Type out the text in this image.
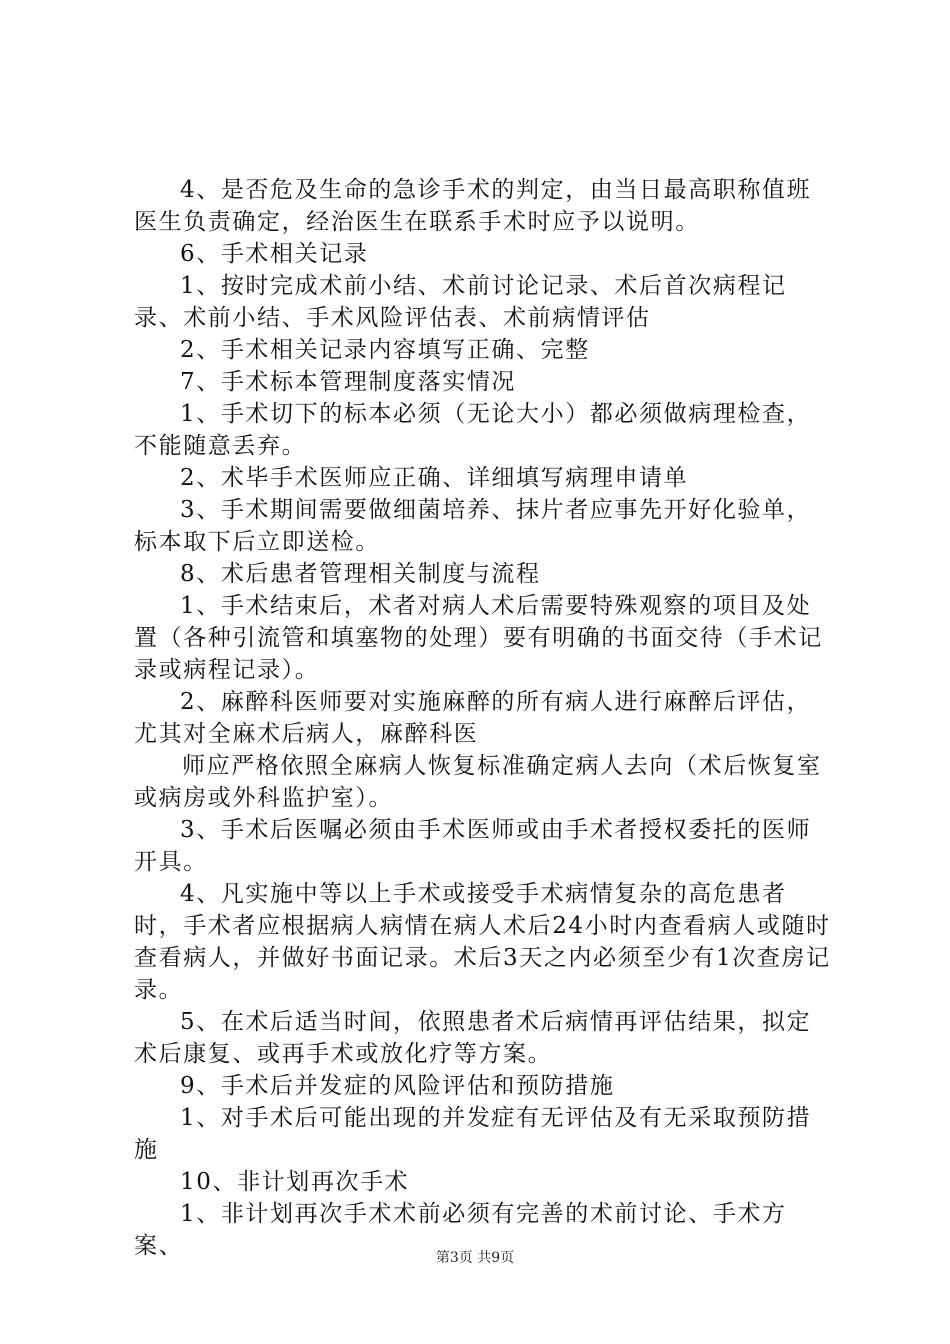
4、是否危及生命的急诊手术的判定，由当日最高职称值班医生负责确定，经治医生在联系手术时应予以说明。

6、手术相关记录

1、按时完成术前小结、术前讨论记录、术后首次病程记录、术前小结、手术风险评估表、术前病情评估

2、手术相关记录内容填写正确、完整

7、手术标本管理制度落实情况

1、手术切下的标本必须（无论大小）都必须做病理检查，不能随意丢弃。

2、术毕手术医师应正确、详细填写病理申请单

3、手术期间需要做细菌培养、抹片者应事先开好化验单，标本取下后立即送检。

8、术后患者管理相关制度与流程

1、手术结束后，术者对病人术后需要特殊观察的项目及处置（各种引流管和填塞物的处理）要有明确的书面交待（手术记录或病程记录）。

2、麻醉科医师要对实施麻醉的所有病人进行麻醉后评估，尤其对全麻术后病人，麻醉科医

师应严格依照全麻病人恢复标准确定病人去向（术后恢复室或病房或外科监护室）。

3、手术后医嘱必须由手术医师或由手术者授权委托的医师开具。

4、凡实施中等以上手术或接受手术病情复杂的高危患者时，手术者应根据病人病情在病人术后24小时内查看病人或随时查看病人，并做好书面记录。术后3天之内必须至少有1次查房记录。

5、在术后适当时间，依照患者术后病情再评估结果，拟定术后康复、或再手术或放化疗等方案。

9、手术后并发症的风险评估和预防措施

1、对手术后可能出现的并发症有无评估及有无采取预防措施

10、非计划再次手术

1、非计划再次手术术前必须有完善的术前讨论、手术方案、	第3页 共9页
